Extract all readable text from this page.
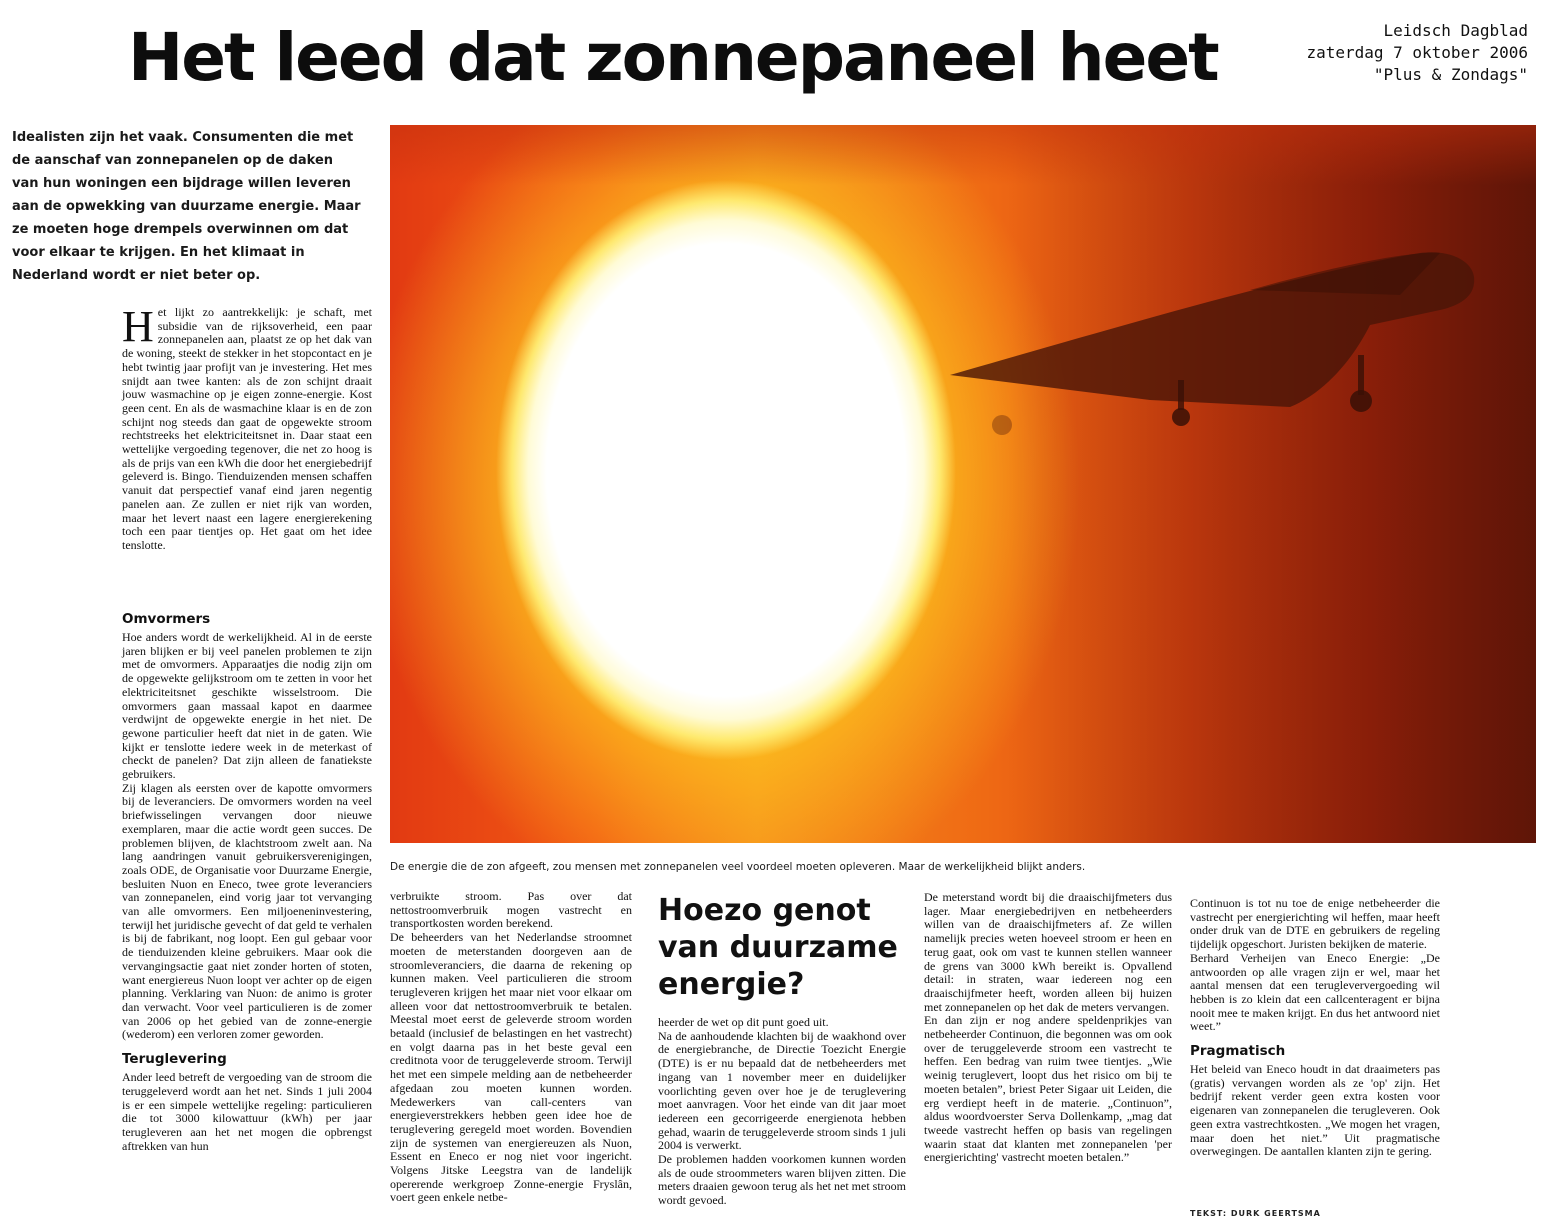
Het leed dat zonnepaneel heet	Leidsch Dagblad
zaterdag 7 oktober 2006
"Plus & Zondags"
Idealisten zijn het vaak. Consumenten die met de aanschaf van zonnepanelen op de daken van hun woningen een bijdrage willen leveren aan de opwekking van duurzame energie. Maar ze moeten hoge drempels overwinnen om dat voor elkaar te krijgen. En het klimaat in Nederland wordt er niet beter op.
De energie die de zon afgeeft, zou mensen met zonnepanelen veel voordeel moeten opleveren. Maar de werkelijkheid blijkt anders.

Het lijkt zo aantrekkelijk: je schaft, met subsidie van de rijksoverheid, een paar zonnepanelen aan, plaatst ze op het dak van de woning, steekt de stekker in het stopcontact en je hebt twintig jaar profijt van je investering. Het mes snijdt aan twee kanten: als de zon schijnt draait jouw wasmachine op je eigen zonne-energie. Kost geen cent. En als de wasmachine klaar is en de zon schijnt nog steeds dan gaat de opgewekte stroom rechtstreeks het elektriciteitsnet in. Daar staat een wettelijke vergoeding tegenover, die net zo hoog is als de prijs van een kWh die door het energiebedrijf geleverd is. Bingo. Tienduizenden mensen schaffen vanuit dat perspectief vanaf eind jaren negentig panelen aan. Ze zullen er niet rijk van worden, maar het levert naast een lagere energierekening toch een paar tientjes op. Het gaat om het idee tenslotte.

Omvormers

Hoe anders wordt de werkelijkheid. Al in de eerste jaren blijken er bij veel panelen problemen te zijn met de omvormers. Apparaatjes die nodig zijn om de opgewekte gelijkstroom om te zetten in voor het elektriciteitsnet geschikte wisselstroom. Die omvormers gaan massaal kapot en daarmee verdwijnt de opgewekte energie in het niet. De gewone particulier heeft dat niet in de gaten. Wie kijkt er tenslotte iedere week in de meterkast of checkt de panelen? Dat zijn alleen de fanatiekste gebruikers.

Zij klagen als eersten over de kapotte omvormers bij de leveranciers. De omvormers worden na veel briefwisselingen vervangen door nieuwe exemplaren, maar die actie wordt geen succes. De problemen blijven, de klachtstroom zwelt aan. Na lang aandringen vanuit gebruikersverenigingen, zoals ODE, de Organisatie voor Duurzame Energie, besluiten Nuon en Eneco, twee grote leveranciers van zonnepanelen, eind vorig jaar tot vervanging van alle omvormers. Een miljoeneninvestering, terwijl het juridische gevecht of dat geld te verhalen is bij de fabrikant, nog loopt. Een gul gebaar voor de tienduizenden kleine gebruikers. Maar ook die vervangingsactie gaat niet zonder horten of stoten, want energiereus Nuon loopt ver achter op de eigen planning. Verklaring van Nuon: de animo is groter dan verwacht. Voor veel particulieren is de zomer van 2006 op het gebied van de zonne-energie (wederom) een verloren zomer geworden.

Teruglevering

Ander leed betreft de vergoeding van de stroom die teruggeleverd wordt aan het net. Sinds 1 juli 2004 is er een simpele wettelijke regeling: particulieren die tot 3000 kilowattuur (kWh) per jaar terugleveren aan het net mogen die opbrengst aftrekken van hun

verbruikte stroom. Pas over dat nettostroomverbruik mogen vastrecht en transportkosten worden berekend.

De beheerders van het Nederlandse stroomnet moeten de meterstanden doorgeven aan de stroomleveranciers, die daarna de rekening op kunnen maken. Veel particulieren die stroom terugleveren krijgen het maar niet voor elkaar om alleen voor dat nettostroomverbruik te betalen. Meestal moet eerst de geleverde stroom worden betaald (inclusief de belastingen en het vastrecht) en volgt daarna pas in het beste geval een creditnota voor de teruggeleverde stroom. Terwijl het met een simpele melding aan de netbeheerder afgedaan zou moeten kunnen worden. Medewerkers van call-centers van energieverstrekkers hebben geen idee hoe de teruglevering geregeld moet worden. Bovendien zijn de systemen van energiereuzen als Nuon, Essent en Eneco er nog niet voor ingericht. Volgens Jitske Leegstra van de landelijk opererende werkgroep Zonne-energie Fryslân, voert geen enkele netbe-

Hoezo genot van duurzame energie?

heerder de wet op dit punt goed uit.

Na de aanhoudende klachten bij de waakhond over de energiebranche, de Directie Toezicht Energie (DTE) is er nu bepaald dat de netbeheerders met ingang van 1 november meer en duidelijker voorlichting geven over hoe je de teruglevering moet aanvragen. Voor het einde van dit jaar moet iedereen een gecorrigeerde energienota hebben gehad, waarin de teruggeleverde stroom sinds 1 juli 2004 is verwerkt.

De problemen hadden voorkomen kunnen worden als de oude stroommeters waren blijven zitten. Die meters draaien gewoon terug als het net met stroom wordt gevoed.

De meterstand wordt bij die draaischijfmeters dus lager. Maar energiebedrijven en netbeheerders willen van de draaischijfmeters af. Ze willen namelijk precies weten hoeveel stroom er heen en terug gaat, ook om vast te kunnen stellen wanneer de grens van 3000 kWh bereikt is. Opvallend detail: in straten, waar iedereen nog een draaischijfmeter heeft, worden alleen bij huizen met zonnepanelen op het dak de meters vervangen.

En dan zijn er nog andere speldenprikjes van netbeheerder Continuon, die begonnen was om ook over de teruggeleverde stroom een vastrecht te heffen. Een bedrag van ruim twee tientjes. „Wie weinig teruglevert, loopt dus het risico om bij te moeten betalen”, briest Peter Sigaar uit Leiden, die erg verdiept heeft in de materie. „Continuon”, aldus woordvoerster Serva Dollenkamp, „mag dat tweede vastrecht heffen op basis van regelingen waarin staat dat klanten met zonnepanelen 'per energierichting' vastrecht moeten betalen.”

Continuon is tot nu toe de enige netbeheerder die vastrecht per energierichting wil heffen, maar heeft onder druk van de DTE en gebruikers de regeling tijdelijk opgeschort. Juristen bekijken de materie.

Berhard Verheijen van Eneco Energie: „De antwoorden op alle vragen zijn er wel, maar het aantal mensen dat een terugleververgoeding wil hebben is zo klein dat een callcenteragent er bijna nooit mee te maken krijgt. En dus het antwoord niet weet.”

Pragmatisch

Het beleid van Eneco houdt in dat draaimeters pas (gratis) vervangen worden als ze 'op' zijn. Het bedrijf rekent verder geen extra kosten voor eigenaren van zonnepanelen die terugleveren. Ook geen extra vastrechtkosten. „We mogen het vragen, maar doen het niet.” Uit pragmatische overwegingen. De aantallen klanten zijn te gering.

TEKST: DURK GEERTSMA
